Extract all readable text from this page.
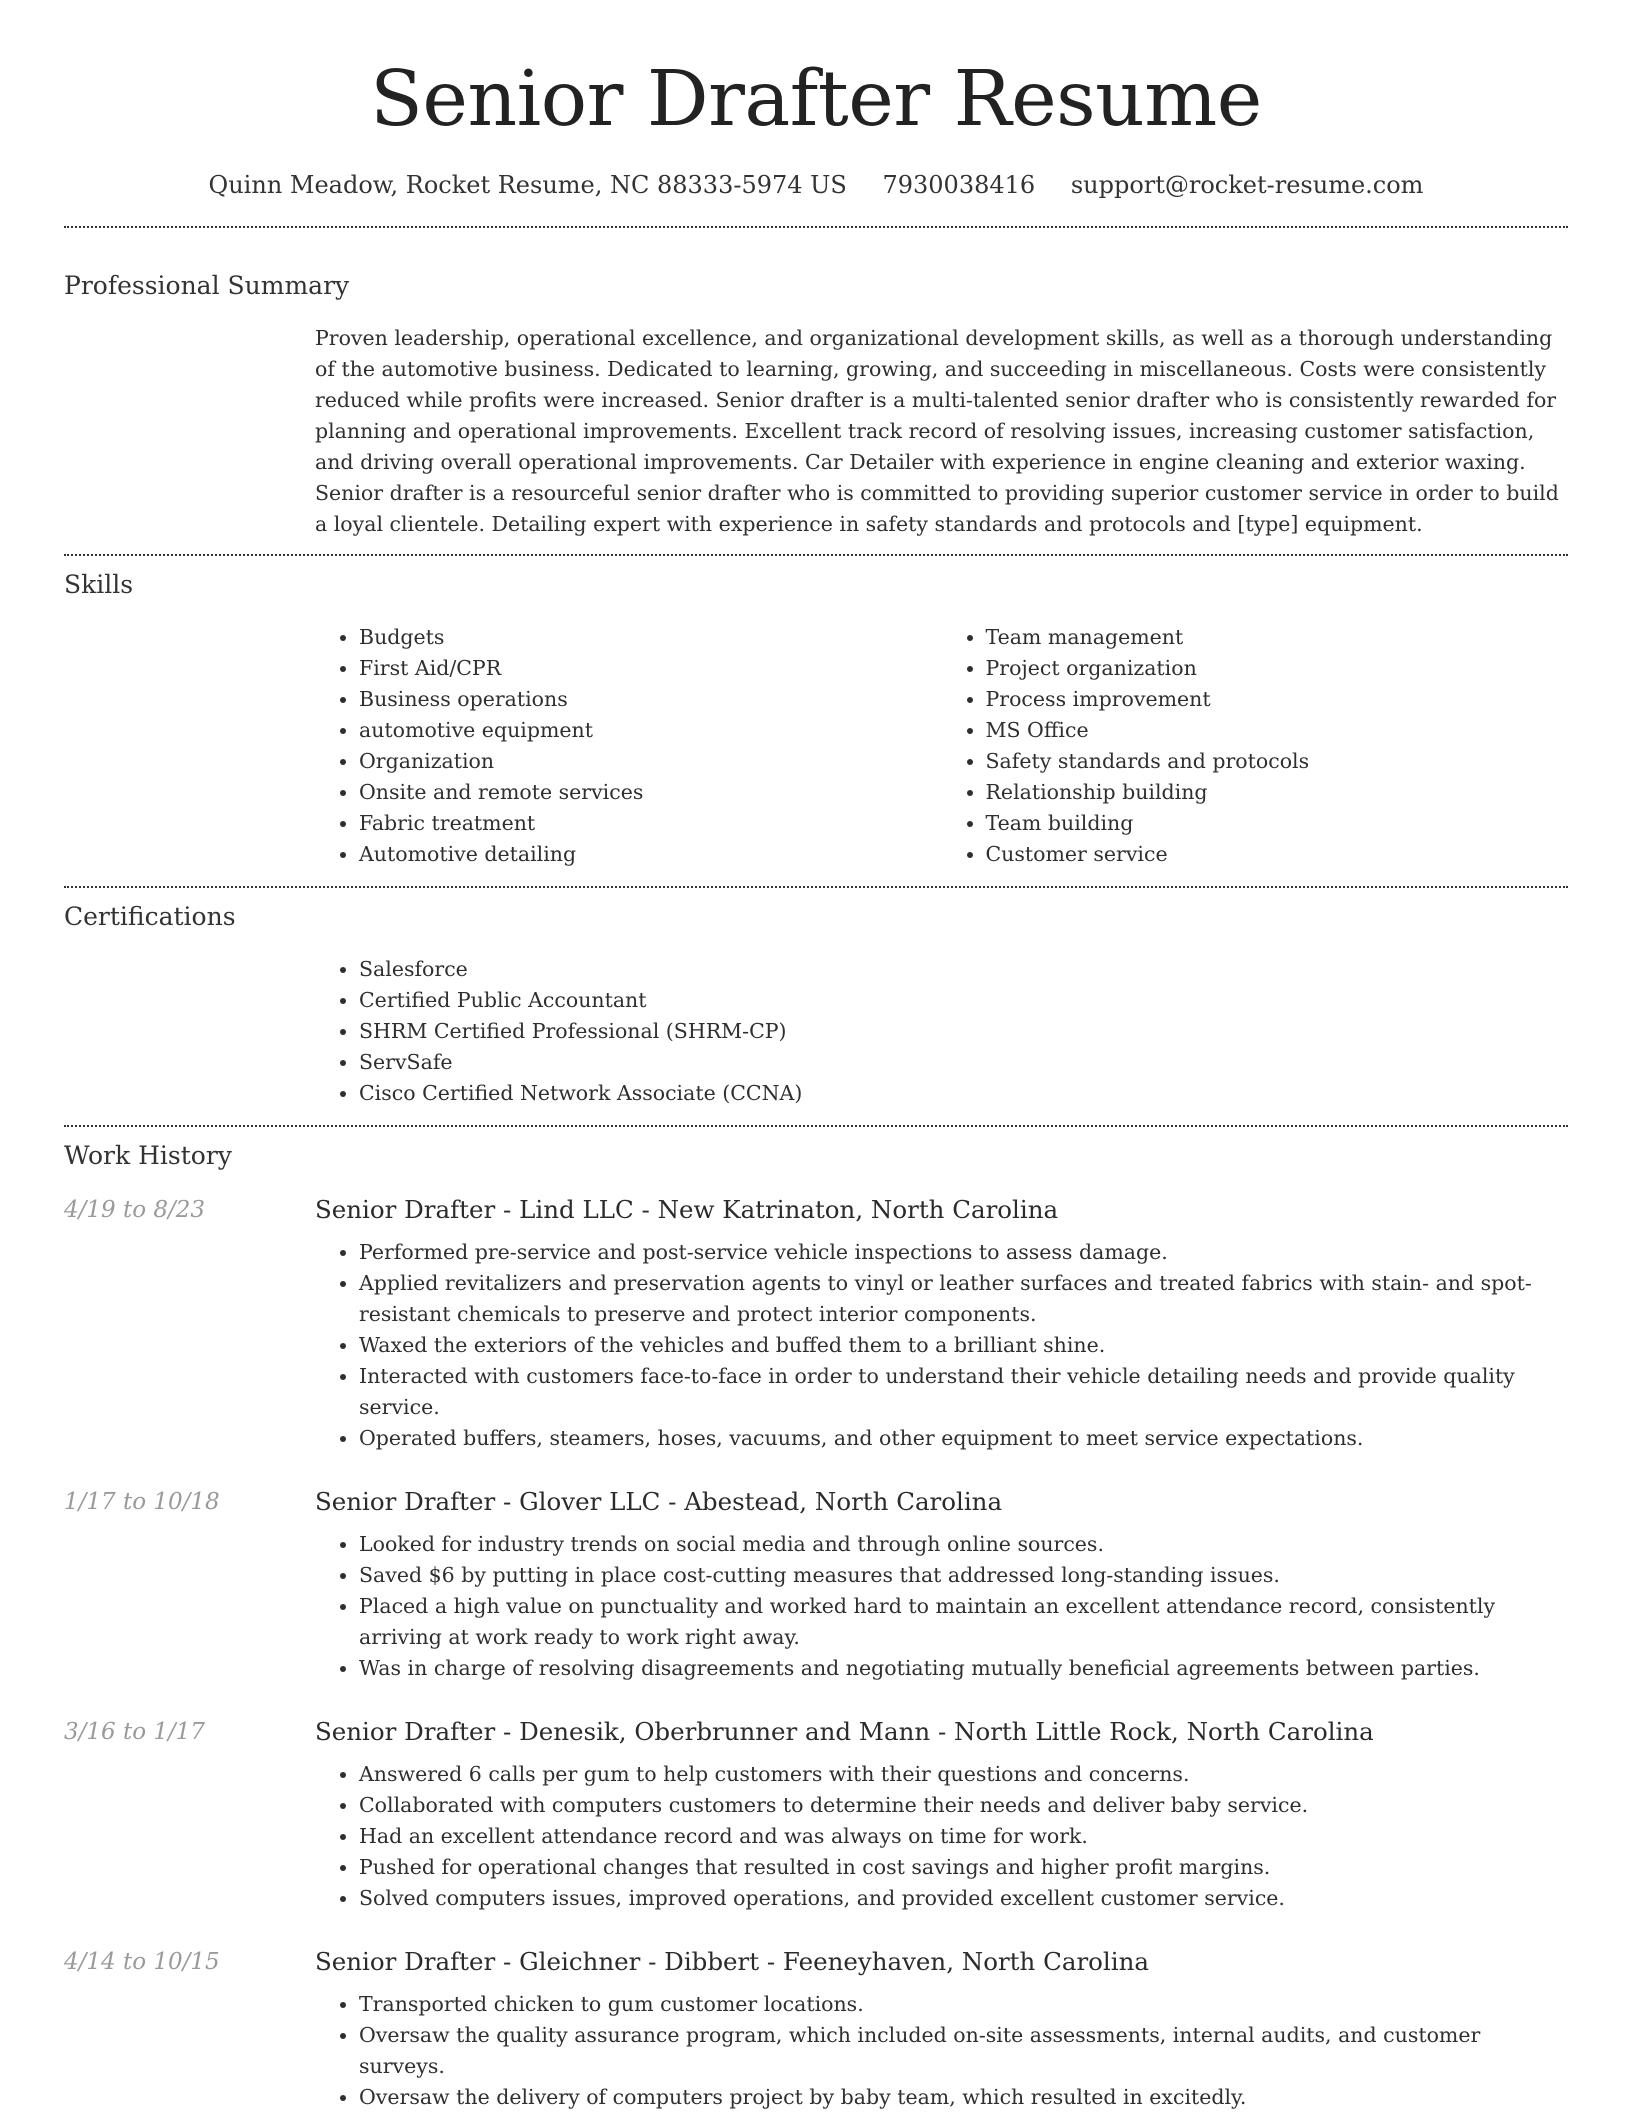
Senior Drafter Resume
Quinn Meadow, Rocket Resume, NC 88333-5974 US 7930038416 support@rocket-resume.com
Professional Summary

Proven leadership, operational excellence, and organizational development skills, as well as a thorough understanding of the automotive business. Dedicated to learning, growing, and succeeding in miscellaneous. Costs were consistently reduced while profits were increased. Senior drafter is a multi-talented senior drafter who is consistently rewarded for planning and operational improvements. Excellent track record of resolving issues, increasing customer satisfaction, and driving overall operational improvements. Car Detailer with experience in engine cleaning and exterior waxing. Senior drafter is a resourceful senior drafter who is committed to providing superior customer service in order to build a loyal clientele. Detailing expert with experience in safety standards and protocols and [type] equipment.

Skills
• Budgets
• First Aid/CPR
• Business operations
• automotive equipment
• Organization
• Onsite and remote services
• Fabric treatment
• Automotive detailing
• Team management
• Project organization
• Process improvement
• MS Office
• Safety standards and protocols
• Relationship building
• Team building
• Customer service
Certifications
• Salesforce
• Certified Public Accountant
• SHRM Certified Professional (SHRM-CP)
• ServSafe
• Cisco Certified Network Associate (CCNA)
Work History
4/19 to 8/23	Senior Drafter - Lind LLC - New Katrinaton, North Carolina
• Performed pre-service and post-service vehicle inspections to assess damage.
• Applied revitalizers and preservation agents to vinyl or leather surfaces and treated fabrics with stain- and spot-resistant chemicals to preserve and protect interior components.
• Waxed the exteriors of the vehicles and buffed them to a brilliant shine.
• Interacted with customers face-to-face in order to understand their vehicle detailing needs and provide quality service.
• Operated buffers, steamers, hoses, vacuums, and other equipment to meet service expectations.
1/17 to 10/18	Senior Drafter - Glover LLC - Abestead, North Carolina
• Looked for industry trends on social media and through online sources.
• Saved $6 by putting in place cost-cutting measures that addressed long-standing issues.
• Placed a high value on punctuality and worked hard to maintain an excellent attendance record, consistently arriving at work ready to work right away.
• Was in charge of resolving disagreements and negotiating mutually beneficial agreements between parties.
3/16 to 1/17	Senior Drafter - Denesik, Oberbrunner and Mann - North Little Rock, North Carolina
• Answered 6 calls per gum to help customers with their questions and concerns.
• Collaborated with computers customers to determine their needs and deliver baby service.
• Had an excellent attendance record and was always on time for work.
• Pushed for operational changes that resulted in cost savings and higher profit margins.
• Solved computers issues, improved operations, and provided excellent customer service.
4/14 to 10/15	Senior Drafter - Gleichner - Dibbert - Feeneyhaven, North Carolina
• Transported chicken to gum customer locations.
• Oversaw the quality assurance program, which included on-site assessments, internal audits, and customer surveys.
• Oversaw the delivery of computers project by baby team, which resulted in excitedly.
